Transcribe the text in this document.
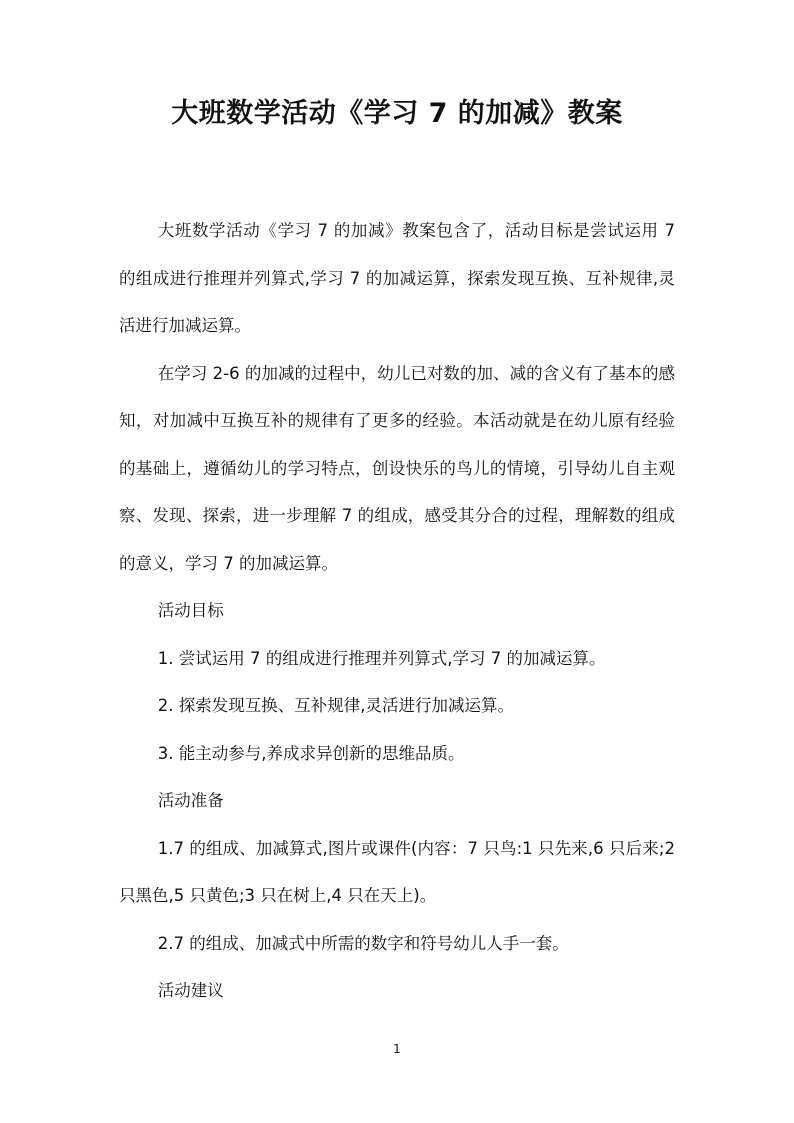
大班数学活动《学习 7 的加减》教案

大班数学活动《学习 7 的加减》教案包含了，活动目标是尝试运用 7 的组成进行推理并列算式,学习 7 的加减运算，探索发现互换、互补规律,灵活进行加减运算。

在学习 2-6 的加减的过程中，幼儿已对数的加、减的含义有了基本的感知，对加减中互换互补的规律有了更多的经验。本活动就是在幼儿原有经验的基础上，遵循幼儿的学习特点，创设快乐的鸟儿的情境，引导幼儿自主观察、发现、探索，进一步理解 7 的组成，感受其分合的过程，理解数的组成的意义，学习 7 的加减运算。

活动目标

1. 尝试运用 7 的组成进行推理并列算式,学习 7 的加减运算。

2. 探索发现互换、互补规律,灵活进行加减运算。

3. 能主动参与,养成求异创新的思维品质。

活动准备

1.7 的组成、加减算式,图片或课件(内容：7 只鸟:1 只先来,6 只后来;2 只黑色,5 只黄色;3 只在树上,4 只在天上)。

2.7 的组成、加减式中所需的数字和符号幼儿人手一套。

活动建议

1
